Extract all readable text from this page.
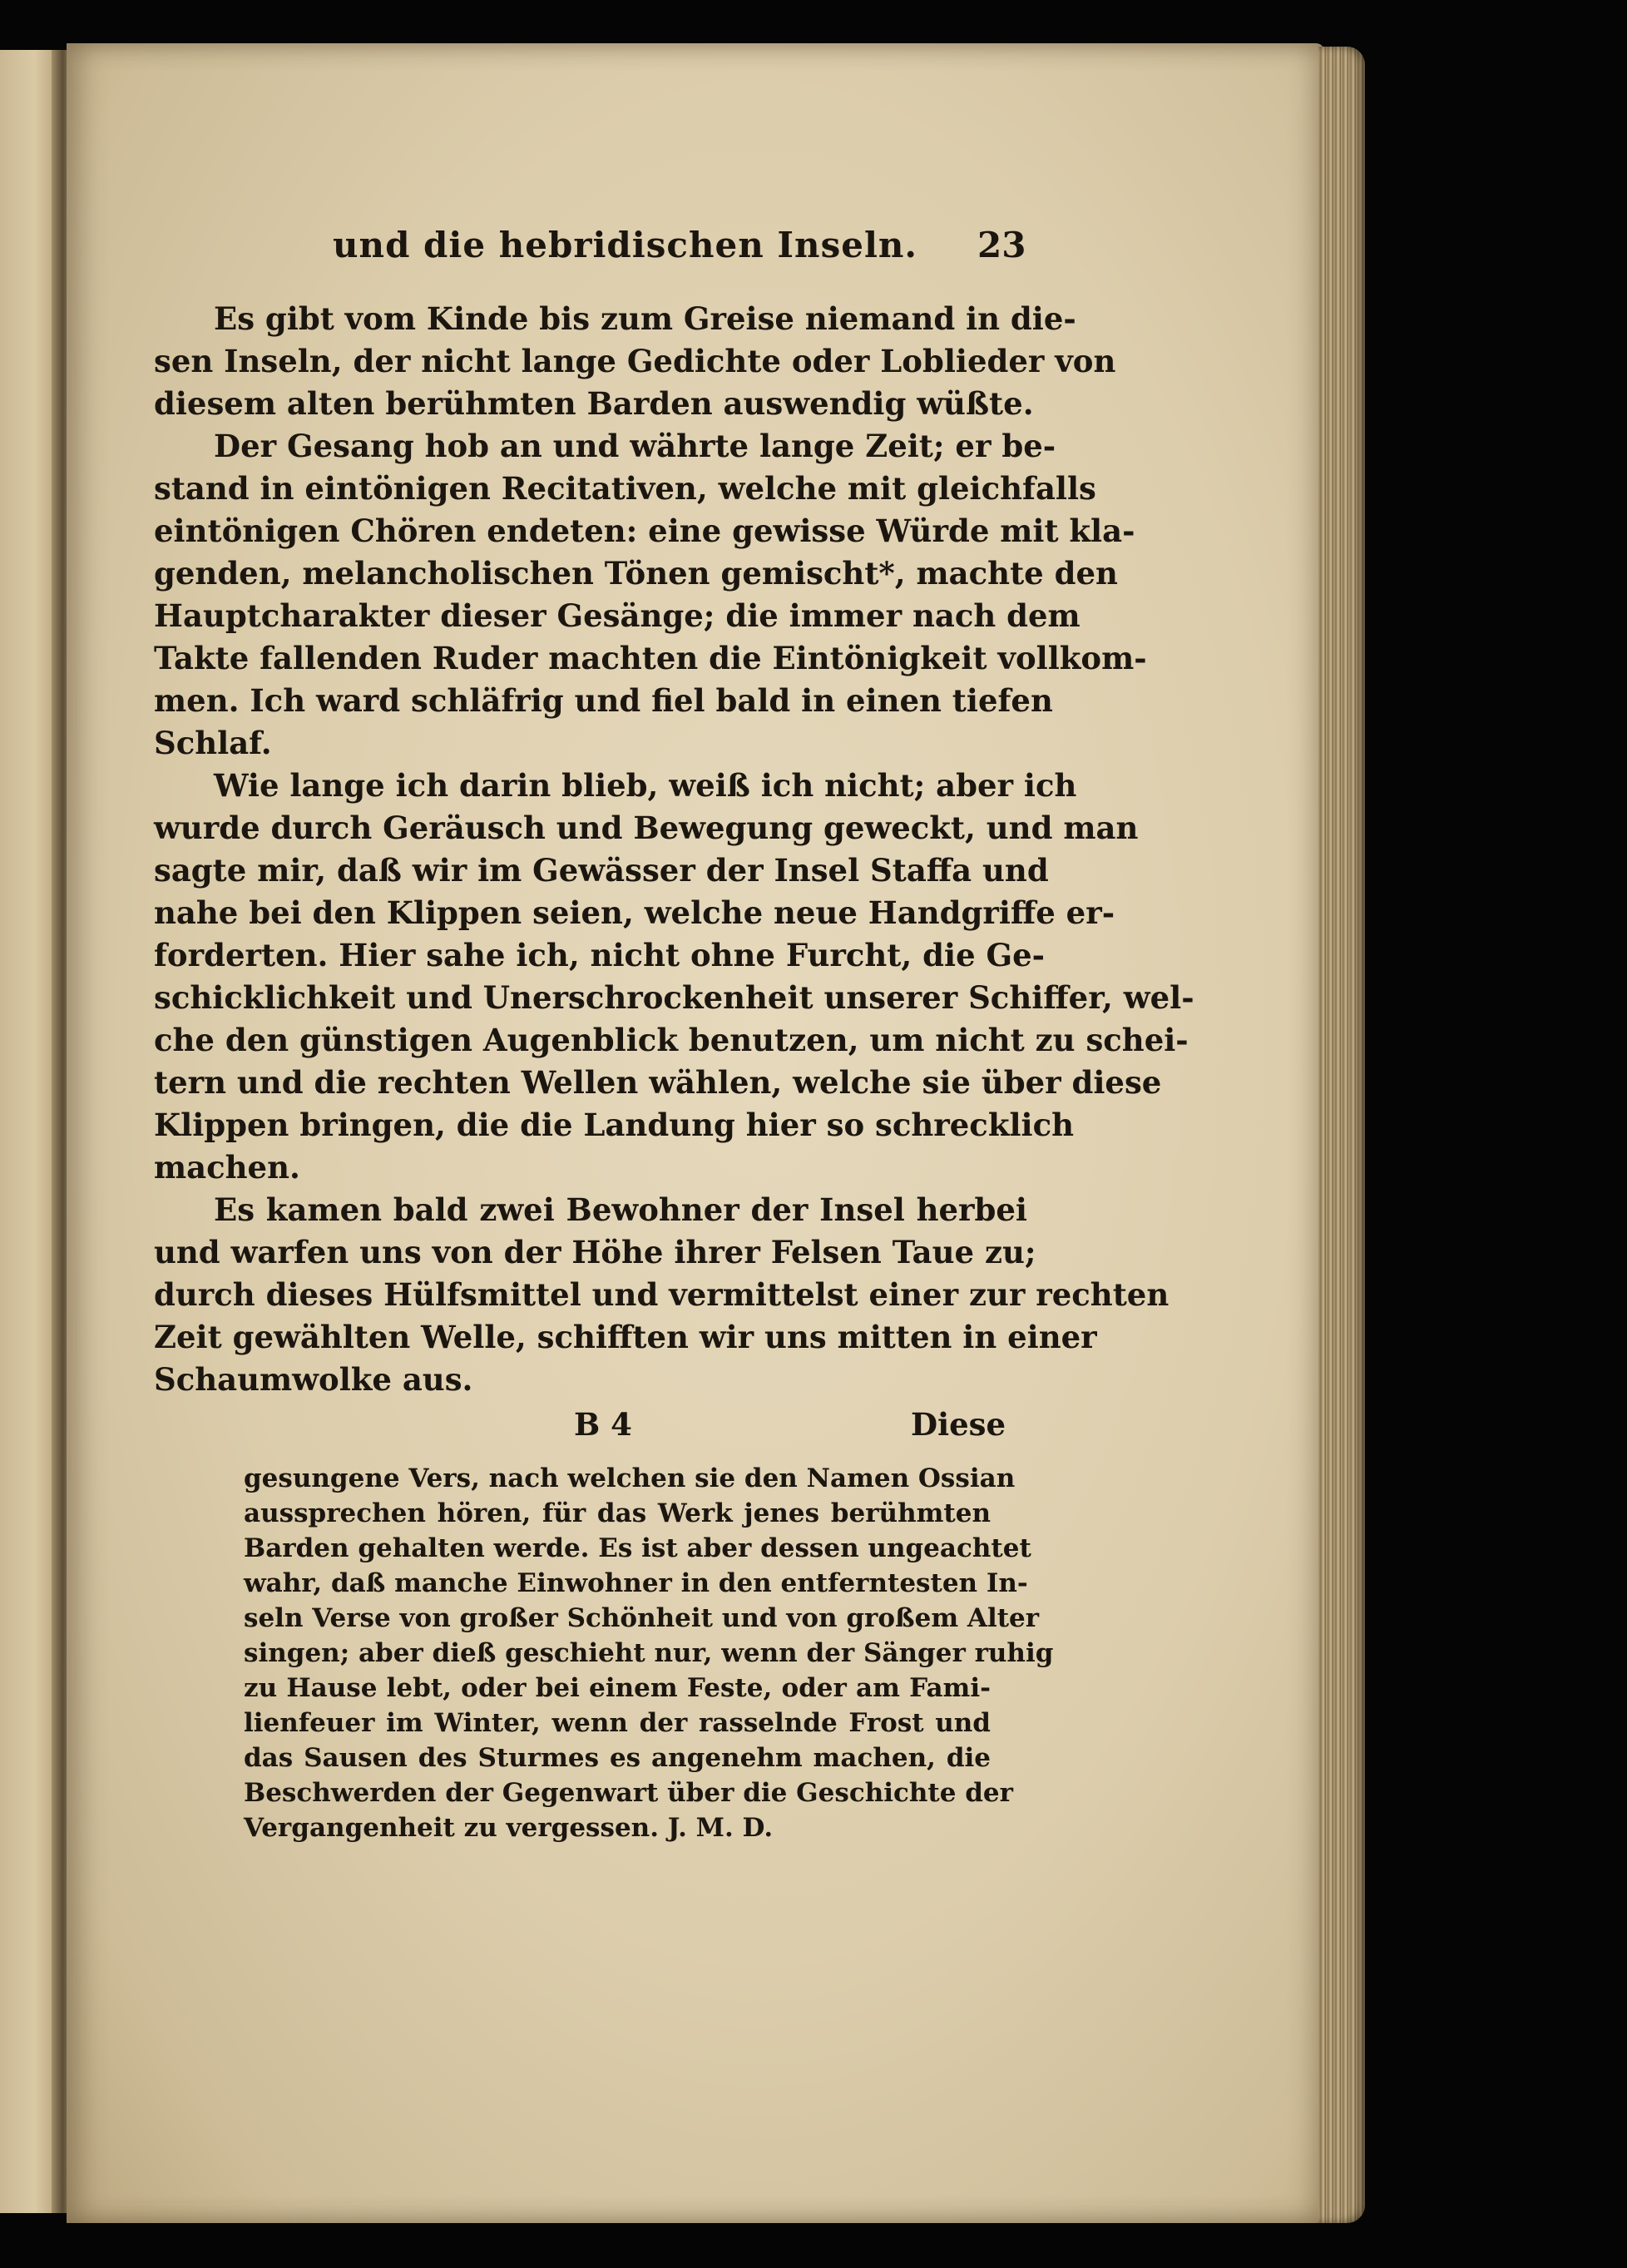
und die hebridischen Inseln. 23
Es gibt vom Kinde bis zum Greise niemand in die-
sen Inseln, der nicht lange Gedichte oder Loblieder von
diesem alten berühmten Barden auswendig wüßte.
Der Gesang hob an und währte lange Zeit; er be-
stand in eintönigen Recitativen, welche mit gleichfalls
eintönigen Chören endeten: eine gewisse Würde mit kla-
genden, melancholischen Tönen gemischt*, machte den
Hauptcharakter dieser Gesänge; die immer nach dem
Takte fallenden Ruder machten die Eintönigkeit vollkom-
men. Ich ward schläfrig und fiel bald in einen tiefen
Schlaf.
Wie lange ich darin blieb, weiß ich nicht; aber ich
wurde durch Geräusch und Bewegung geweckt, und man
sagte mir, daß wir im Gewässer der Insel Staffa und
nahe bei den Klippen seien, welche neue Handgriffe er-
forderten. Hier sahe ich, nicht ohne Furcht, die Ge-
schicklichkeit und Unerschrockenheit unserer Schiffer, wel-
che den günstigen Augenblick benutzen, um nicht zu schei-
tern und die rechten Wellen wählen, welche sie über diese
Klippen bringen, die die Landung hier so schrecklich
machen.
Es kamen bald zwei Bewohner der Insel herbei
und warfen uns von der Höhe ihrer Felsen Taue zu;
durch dieses Hülfsmittel und vermittelst einer zur rechten
Zeit gewählten Welle, schifften wir uns mitten in einer
Schaumwolke aus.
B 4	Diese
gesungene Vers, nach welchen sie den Namen Ossian
aussprechen hören, für das Werk jenes berühmten
Barden gehalten werde. Es ist aber dessen ungeachtet
wahr, daß manche Einwohner in den entferntesten In-
seln Verse von großer Schönheit und von großem Alter
singen; aber dieß geschieht nur, wenn der Sänger ruhig
zu Hause lebt, oder bei einem Feste, oder am Fami-
lienfeuer im Winter, wenn der rasselnde Frost und
das Sausen des Sturmes es angenehm machen, die
Beschwerden der Gegenwart über die Geschichte der
Vergangenheit zu vergessen. J. M. D.
